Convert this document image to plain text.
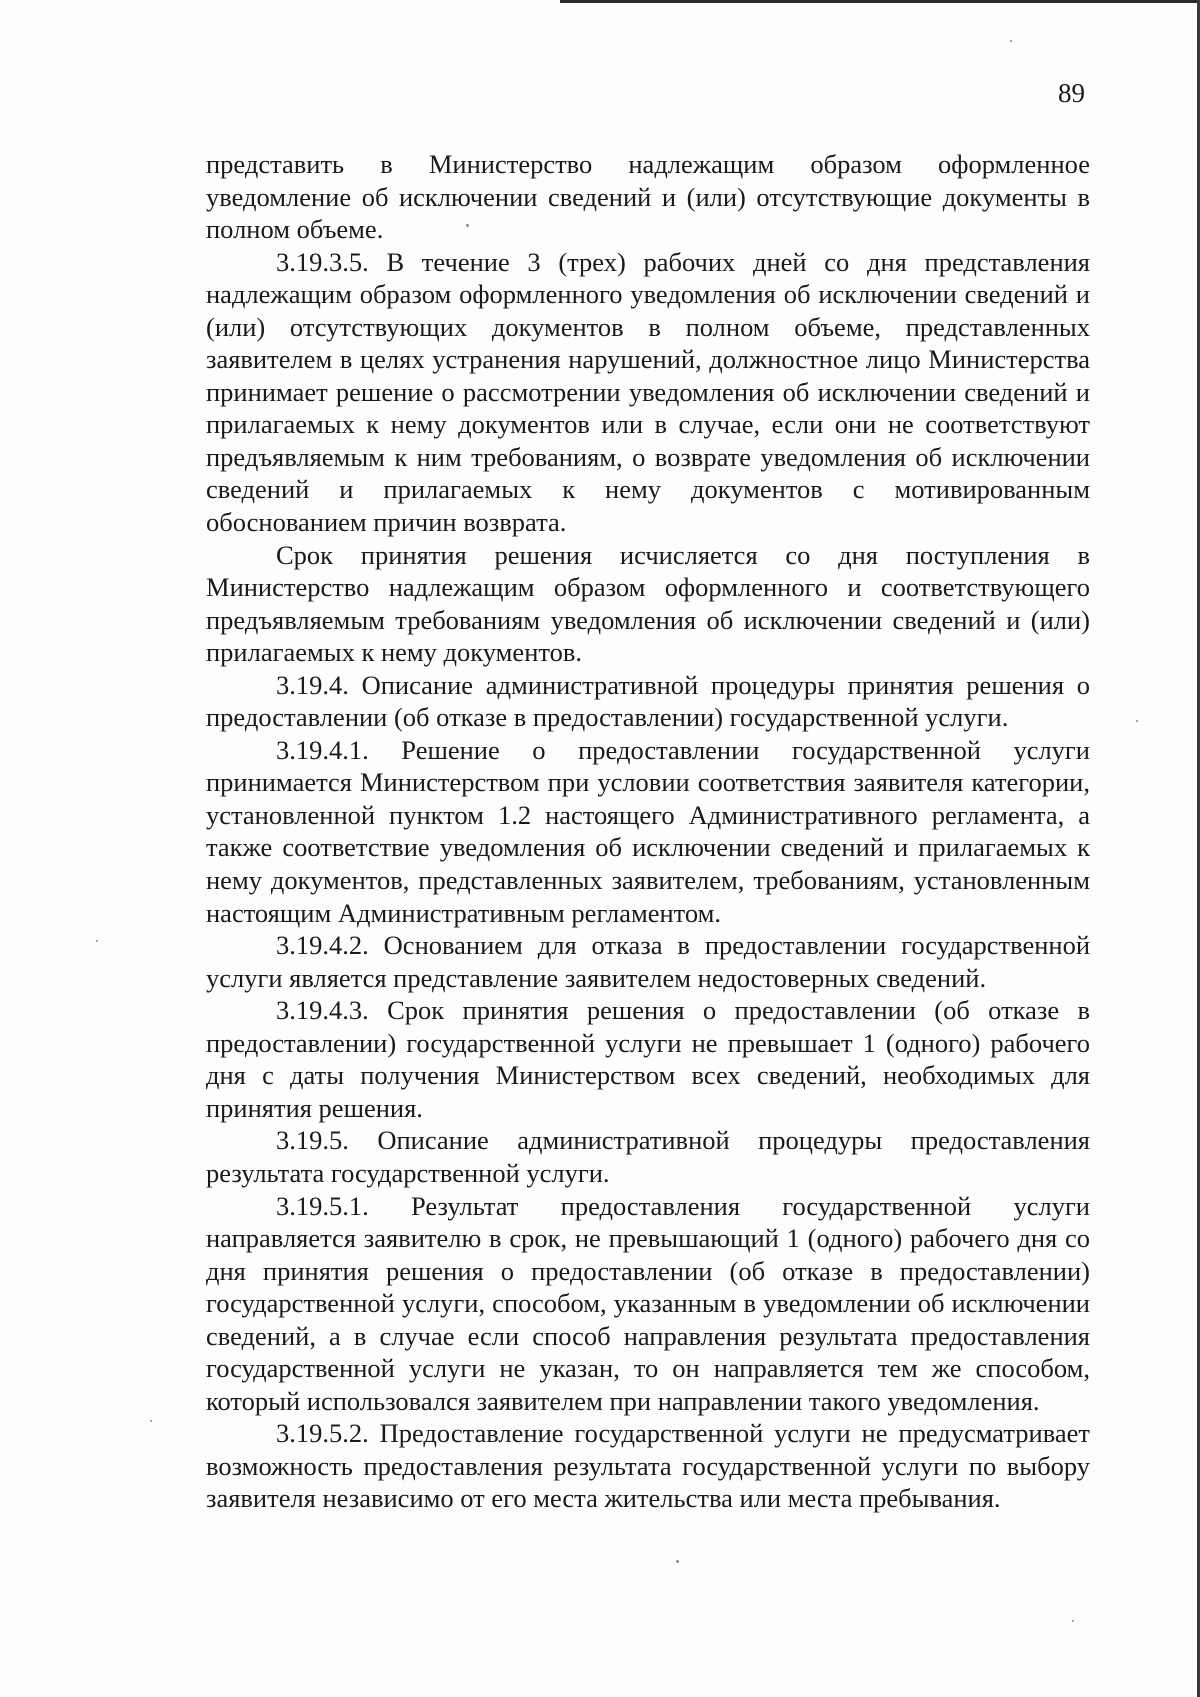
89

представить в Министерство надлежащим образом оформленное уведомление об исключении сведений и (или) отсутствующие документы в полном объеме.

3.19.3.5. В течение 3 (трех) рабочих дней со дня представления надлежащим образом оформленного уведомления об исключении сведений и (или) отсутствующих документов в полном объеме, представленных заявителем в целях устранения нарушений, должностное лицо Министерства принимает решение о рассмотрении уведомления об исключении сведений и прилагаемых к нему документов или в случае, если они не соответствуют предъявляемым к ним требованиям, о возврате уведомления об исключении сведений и прилагаемых к нему документов с мотивированным обоснованием причин возврата.

Срок принятия решения исчисляется со дня поступления в Министерство надлежащим образом оформленного и соответствующего предъявляемым требованиям уведомления об исключении сведений и (или) прилагаемых к нему документов.

3.19.4. Описание административной процедуры принятия решения о предоставлении (об отказе в предоставлении) государственной услуги.

3.19.4.1. Решение о предоставлении государственной услуги принимается Министерством при условии соответствия заявителя категории, установленной пунктом 1.2 настоящего Административного регламента, а также соответствие уведомления об исключении сведений и прилагаемых к нему документов, представленных заявителем, требованиям, установленным настоящим Административным регламентом.

3.19.4.2. Основанием для отказа в предоставлении государственной услуги является представление заявителем недостоверных сведений.

3.19.4.3. Срок принятия решения о предоставлении (об отказе в предоставлении) государственной услуги не превышает 1 (одного) рабочего дня с даты получения Министерством всех сведений, необходимых для принятия решения.

3.19.5. Описание административной процедуры предоставления результата государственной услуги.

3.19.5.1. Результат предоставления государственной услуги направляется заявителю в срок, не превышающий 1 (одного) рабочего дня со дня принятия решения о предоставлении (об отказе в предоставлении) государственной услуги, способом, указанным в уведомлении об исключении сведений, а в случае если способ направления результата предоставления государственной услуги не указан, то он направляется тем же способом, который использовался заявителем при направлении такого уведомления.

3.19.5.2. Предоставление государственной услуги не предусматривает возможность предоставления результата государственной услуги по выбору заявителя независимо от его места жительства или места пребывания.
